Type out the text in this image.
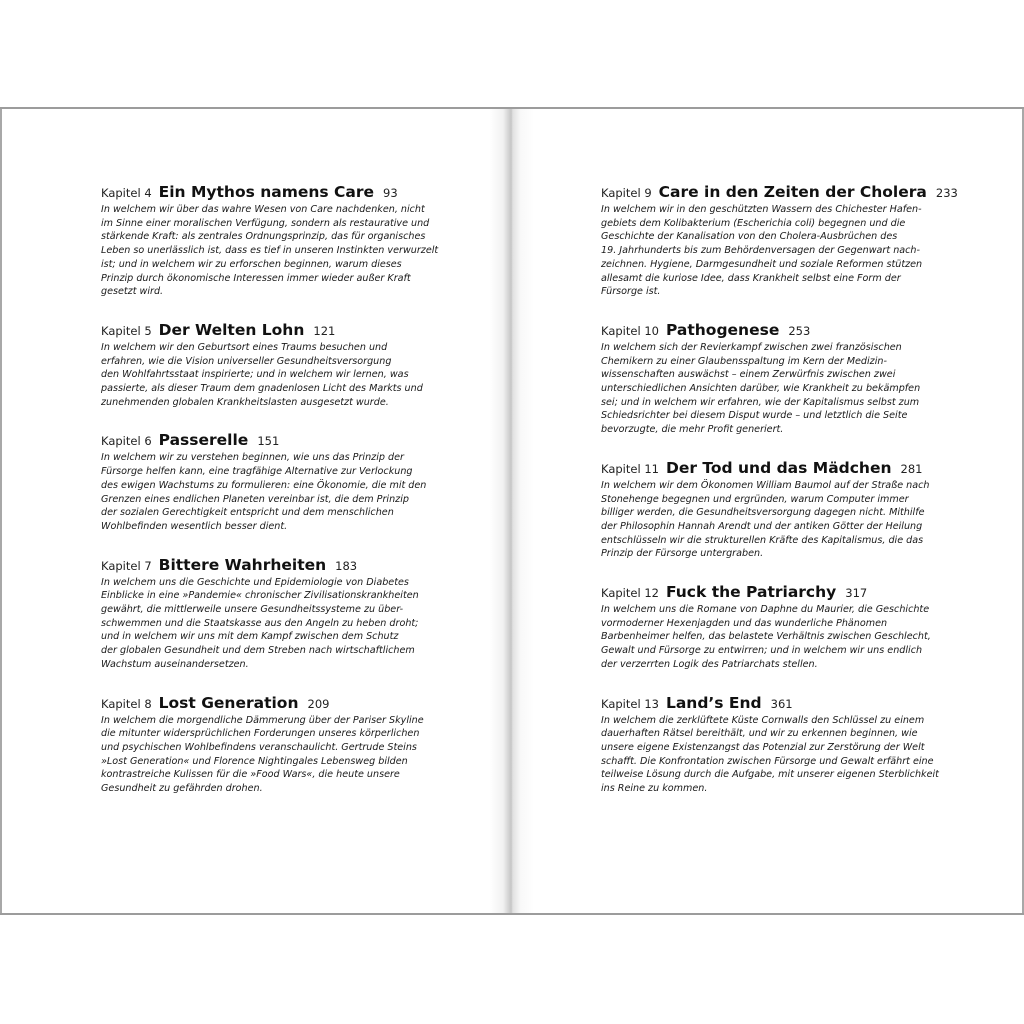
Kapitel 4 Ein Mythos namens Care 93

In welchem wir über das wahre Wesen von Care nachdenken, nicht
im Sinne einer moralischen Verfügung, sondern als restaurative und
stärkende Kraft: als zentrales Ordnungsprinzip, das für organisches
Leben so unerlässlich ist, dass es tief in unseren Instinkten verwurzelt
ist; und in welchem wir zu erforschen beginnen, warum dieses
Prinzip durch ökonomische Interessen immer wieder außer Kraft
gesetzt wird.

Kapitel 5 Der Welten Lohn 121

In welchem wir den Geburtsort eines Traums besuchen und
erfahren, wie die Vision universeller Gesundheitsversorgung
den Wohlfahrtsstaat inspirierte; und in welchem wir lernen, was
passierte, als dieser Traum dem gnadenlosen Licht des Markts und
zunehmenden globalen Krankheitslasten ausgesetzt wurde.

Kapitel 6 Passerelle 151

In welchem wir zu verstehen beginnen, wie uns das Prinzip der
Fürsorge helfen kann, eine tragfähige Alternative zur Verlockung
des ewigen Wachstums zu formulieren: eine Ökonomie, die mit den
Grenzen eines endlichen Planeten vereinbar ist, die dem Prinzip
der sozialen Gerechtigkeit entspricht und dem menschlichen
Wohlbefinden wesentlich besser dient.

Kapitel 7 Bittere Wahrheiten 183

In welchem uns die Geschichte und Epidemiologie von Diabetes
Einblicke in eine »Pandemie« chronischer Zivilisationskrankheiten
gewährt, die mittlerweile unsere Gesundheitssysteme zu über-
schwemmen und die Staatskasse aus den Angeln zu heben droht;
und in welchem wir uns mit dem Kampf zwischen dem Schutz
der globalen Gesundheit und dem Streben nach wirtschaftlichem
Wachstum auseinandersetzen.

Kapitel 8 Lost Generation 209

In welchem die morgendliche Dämmerung über der Pariser Skyline
die mitunter widersprüchlichen Forderungen unseres körperlichen
und psychischen Wohlbefindens veranschaulicht. Gertrude Steins
»Lost Generation« und Florence Nightingales Lebensweg bilden
kontrastreiche Kulissen für die »Food Wars«, die heute unsere
Gesundheit zu gefährden drohen.

Kapitel 9 Care in den Zeiten der Cholera 233

In welchem wir in den geschützten Wassern des Chichester Hafen-
gebiets dem Kolibakterium (Escherichia coli) begegnen und die
Geschichte der Kanalisation von den Cholera-Ausbrüchen des
19. Jahrhunderts bis zum Behördenversagen der Gegenwart nach-
zeichnen. Hygiene, Darmgesundheit und soziale Reformen stützen
allesamt die kuriose Idee, dass Krankheit selbst eine Form der
Fürsorge ist.

Kapitel 10 Pathogenese 253

In welchem sich der Revierkampf zwischen zwei französischen
Chemikern zu einer Glaubensspaltung im Kern der Medizin-
wissenschaften auswächst – einem Zerwürfnis zwischen zwei
unterschiedlichen Ansichten darüber, wie Krankheit zu bekämpfen
sei; und in welchem wir erfahren, wie der Kapitalismus selbst zum
Schiedsrichter bei diesem Disput wurde – und letztlich die Seite
bevorzugte, die mehr Profit generiert.

Kapitel 11 Der Tod und das Mädchen 281

In welchem wir dem Ökonomen William Baumol auf der Straße nach
Stonehenge begegnen und ergründen, warum Computer immer
billiger werden, die Gesundheitsversorgung dagegen nicht. Mithilfe
der Philosophin Hannah Arendt und der antiken Götter der Heilung
entschlüsseln wir die strukturellen Kräfte des Kapitalismus, die das
Prinzip der Fürsorge untergraben.

Kapitel 12 Fuck the Patriarchy 317

In welchem uns die Romane von Daphne du Maurier, die Geschichte
vormoderner Hexenjagden und das wunderliche Phänomen
Barbenheimer helfen, das belastete Verhältnis zwischen Geschlecht,
Gewalt und Fürsorge zu entwirren; und in welchem wir uns endlich
der verzerrten Logik des Patriarchats stellen.

Kapitel 13 Land’s End 361

In welchem die zerklüftete Küste Cornwalls den Schlüssel zu einem
dauerhaften Rätsel bereithält, und wir zu erkennen beginnen, wie
unsere eigene Existenzangst das Potenzial zur Zerstörung der Welt
schafft. Die Konfrontation zwischen Fürsorge und Gewalt erfährt eine
teilweise Lösung durch die Aufgabe, mit unserer eigenen Sterblichkeit
ins Reine zu kommen.
